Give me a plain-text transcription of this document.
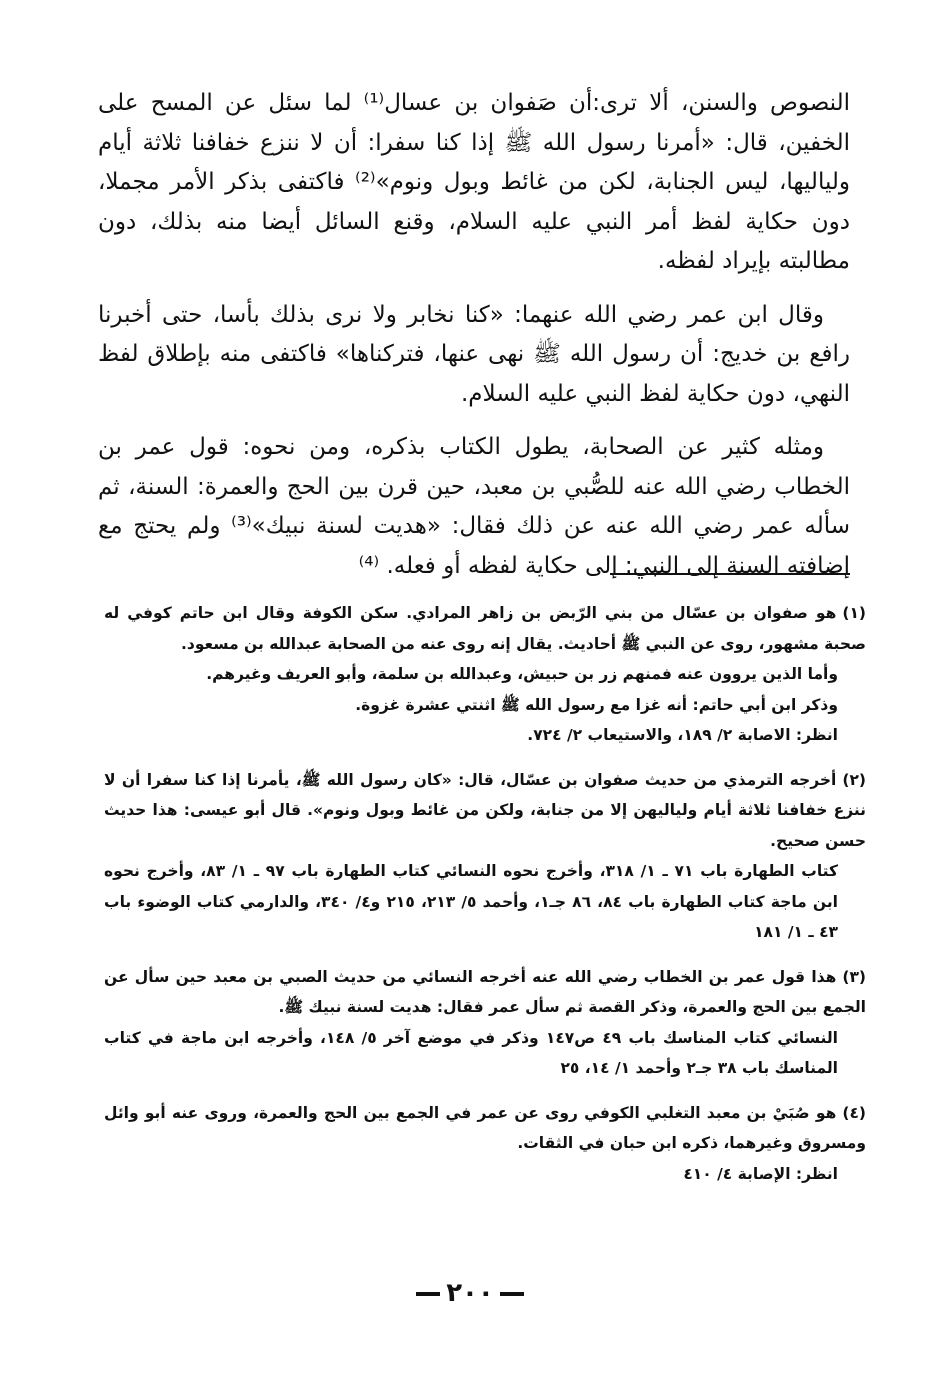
النصوص والسنن، ألا ترى:أن صَفوان بن عسال⁽¹⁾ لما سئل عن المسح على الخفين، قال: «أمرنا رسول الله ﷺ إذا كنا سفرا: أن لا ننزع خفافنا ثلاثة أيام ولياليها، ليس الجنابة، لكن من غائط وبول ونوم»⁽²⁾ فاكتفى بذكر الأمر مجملا، دون حكاية لفظ أمر النبي عليه السلام، وقنع السائل أيضا منه بذلك، دون مطالبته بإيراد لفظه.

وقال ابن عمر رضي الله عنهما: «كنا نخابر ولا نرى بذلك بأسا، حتى أخبرنا رافع بن خديج: أن رسول الله ﷺ نهى عنها، فتركناها» فاكتفى منه بإطلاق لفظ النهي، دون حكاية لفظ النبي عليه السلام.

ومثله كثير عن الصحابة، يطول الكتاب بذكره، ومن نحوه: قول عمر بن الخطاب رضي الله عنه للصُّبي بن معبد، حين قرن بين الحج والعمرة: السنة، ثم سأله عمر رضي الله عنه عن ذلك فقال: «هديت لسنة نبيك»⁽³⁾ ولم يحتج مع إضافته السنة إلى النبي: إلى حكاية لفظه أو فعله. ⁽⁴⁾

(١)هو صفوان بن عسّال من بني الرّبض بن زاهر المرادي. سكن الكوفة وقال ابن حاتم كوفي له صحبة مشهور، روى عن النبي ﷺ أحاديث. يقال إنه روى عنه من الصحابة عبدالله بن مسعود.
وأما الذين يروون عنه فمنهم زر بن حبيش، وعبدالله بن سلمة، وأبو العريف وغيرهم.
وذكر ابن أبي حاتم: أنه غزا مع رسول الله ﷺ اثنتي عشرة غزوة.
انظر: الاصابة ٢/ ١٨٩، والاستيعاب ٢/ ٧٢٤.
(٢)أخرجه الترمذي من حديث صفوان بن عسّال، قال: «كان رسول الله ﷺ، يأمرنا إذا كنا سفرا أن لا ننزع خفافنا ثلاثة أيام ولياليهن إلا من جنابة، ولكن من غائط وبول ونوم». قال أبو عيسى: هذا حديث حسن صحيح.
كتاب الطهارة باب ٧١ ـ ١/ ٣١٨، وأخرج نحوه النسائي كتاب الطهارة باب ٩٧ ـ ١/ ٨٣، وأخرج نحوه ابن ماجة كتاب الطهارة باب ٨٤، ٨٦ جـ١، وأحمد ٥/ ٢١٣، ٢١٥ و٤/ ٣٤٠، والدارمي كتاب الوضوء باب ٤٣ ـ ١/ ١٨١
(٣)هذا قول عمر بن الخطاب رضي الله عنه أخرجه النسائي من حديث الصبي بن معبد حين سأل عن الجمع بين الحج والعمرة، وذكر القصة ثم سأل عمر فقال: هديت لسنة نبيك ﷺ.
النسائي كتاب المناسك باب ٤٩ ص١٤٧ وذكر في موضع آخر ٥/ ١٤٨، وأخرجه ابن ماجة في كتاب المناسك باب ٣٨ جـ٢ وأحمد ١/ ١٤، ٢٥
(٤)هو صُبَيْ بن معبد التغلبي الكوفي روى عن عمر في الجمع بين الحج والعمرة، وروى عنه أبو وائل ومسروق وغيرهما، ذكره ابن حبان في الثقات.
انظر: الإصابة ٤/ ٤١٠
٢٠٠
